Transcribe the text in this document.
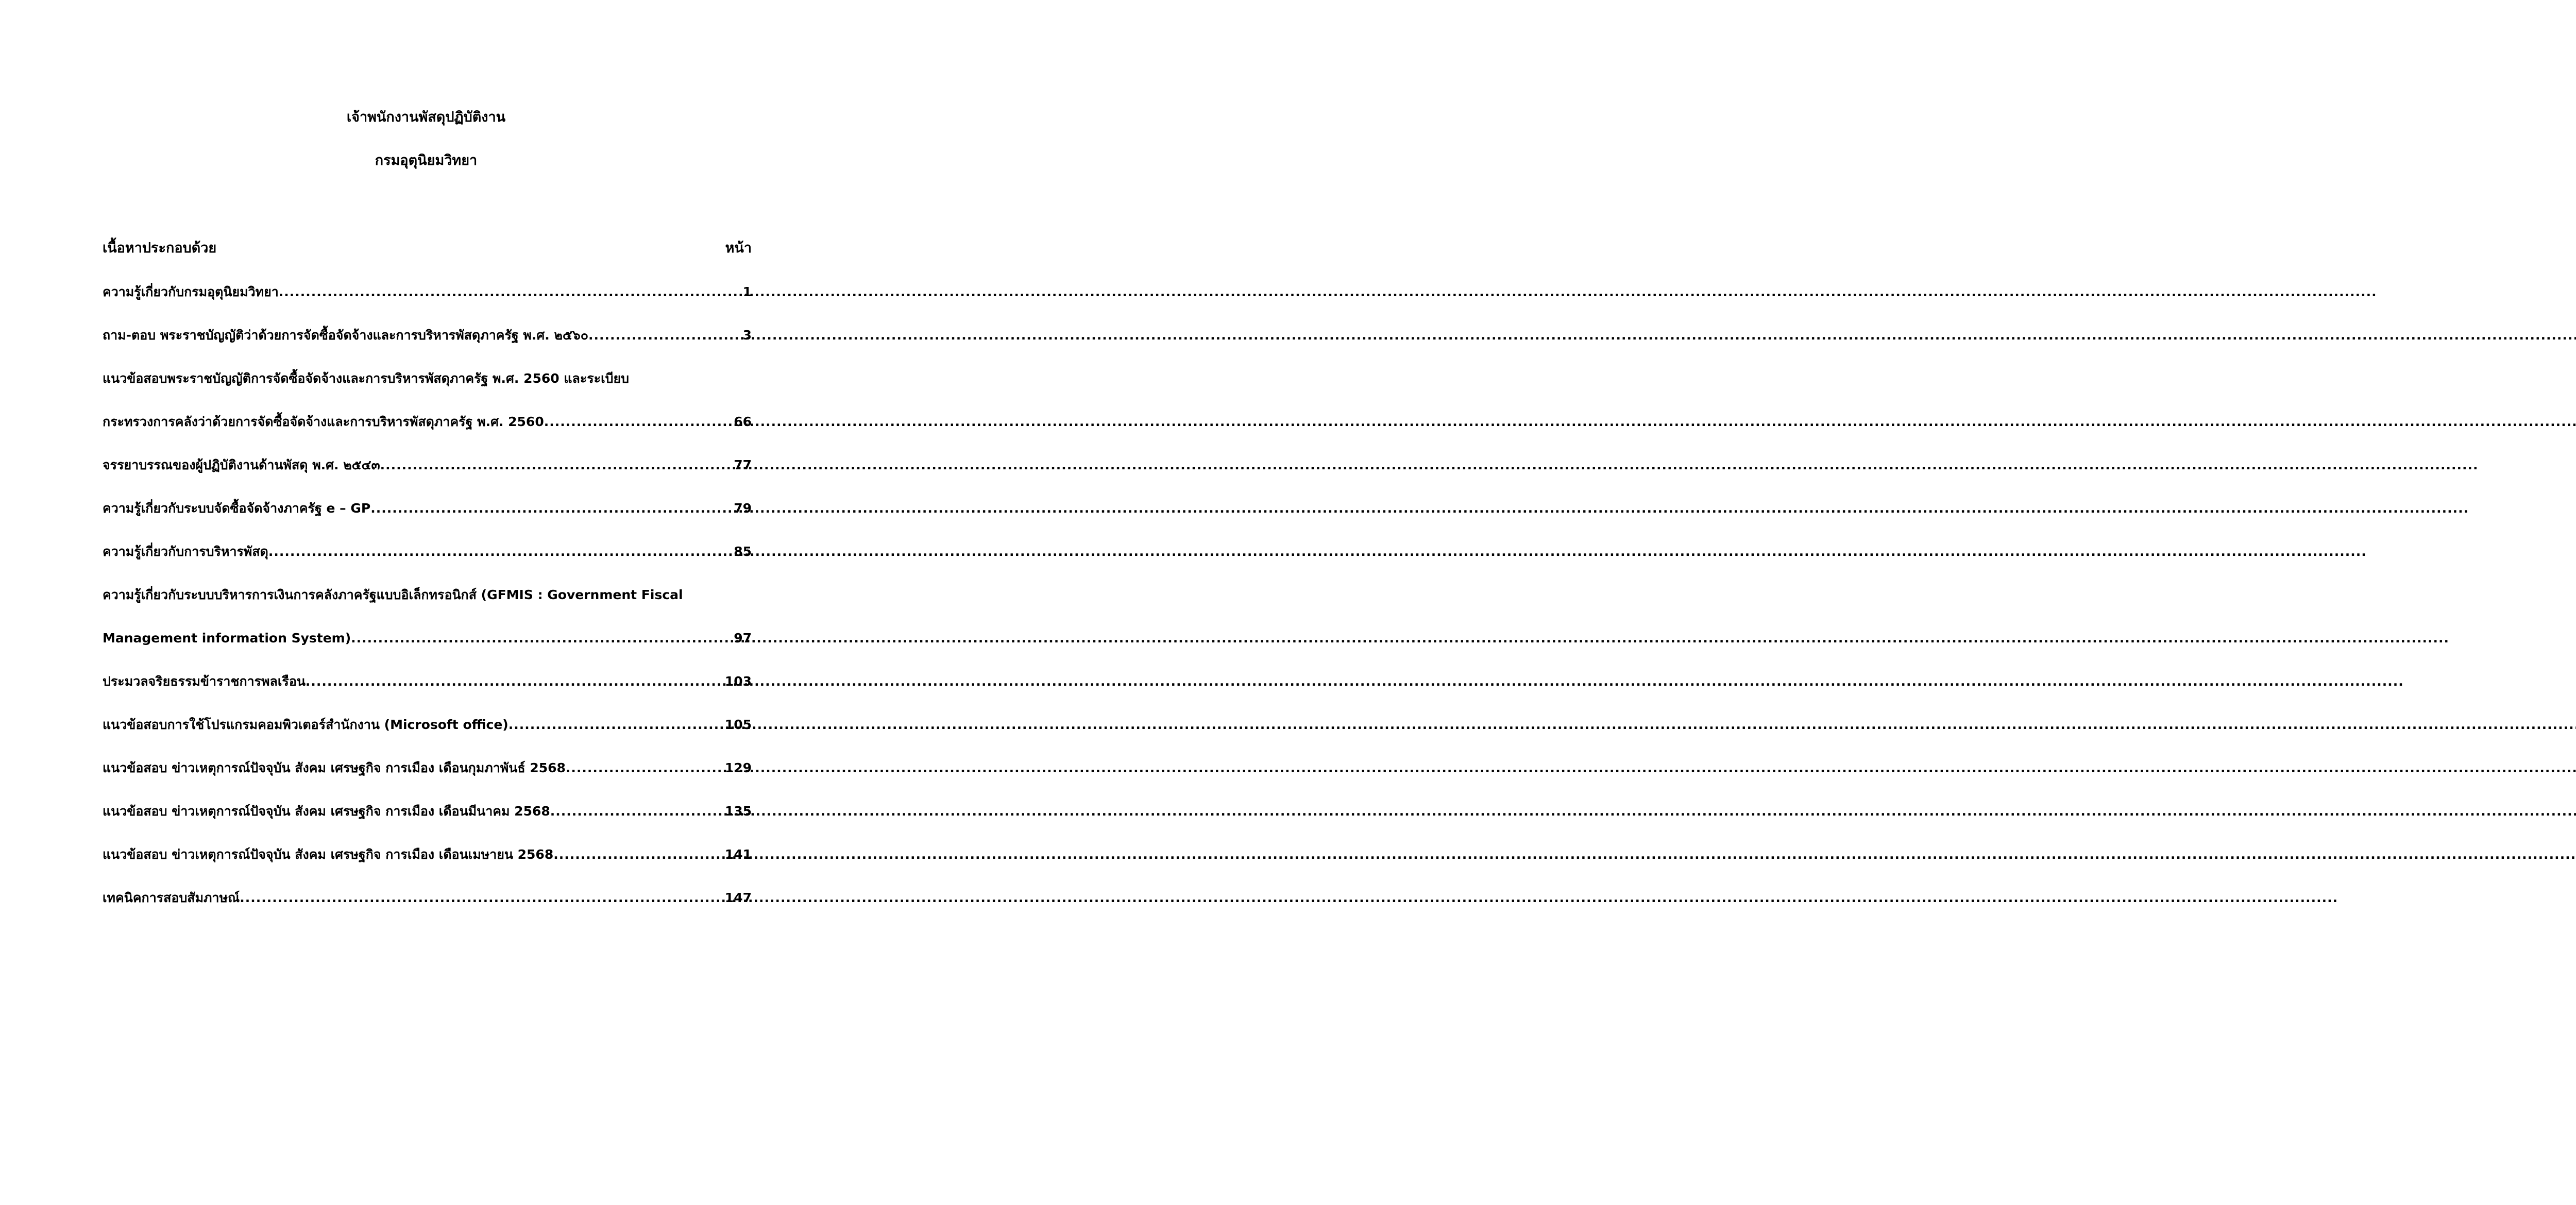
เจ้าพนักงานพัสดุปฏิบัติงาน
กรมอุตุนิยมวิทยา
เนื้อหาประกอบด้วย	หน้า
ความรู้เกี่ยวกับกรมอุตุนิยมวิทยา .....	1
ถาม-ตอบ พระราชบัญญัติว่าด้วยการจัดซื้อจัดจ้างและการบริหารพัสดุภาครัฐ พ.ศ. ๒๕๖๐ .....	3
แนวข้อสอบพระราชบัญญัติการจัดซื้อจัดจ้างและการบริหารพัสดุภาครัฐ พ.ศ. 2560 และระเบียบ
กระทรวงการคลังว่าด้วยการจัดซื้อจัดจ้างและการบริหารพัสดุภาครัฐ พ.ศ. 2560 .....	66
จรรยาบรรณของผู้ปฏิบัติงานด้านพัสดุ พ.ศ. ๒๕๔๓ .....	77
ความรู้เกี่ยวกับระบบจัดซื้อจัดจ้างภาครัฐ e – GP .....	79
ความรู้เกี่ยวกับการบริหารพัสดุ .....	85
ความรู้เกี่ยวกับระบบบริหารการเงินการคลังภาครัฐแบบอิเล็กทรอนิกส์ (GFMIS : Government Fiscal
Management information System) .....	97
ประมวลจริยธรรมข้าราชการพลเรือน .....	103
แนวข้อสอบการใช้โปรแกรมคอมพิวเตอร์สำนักงาน (Microsoft office) .....	105
แนวข้อสอบ ข่าวเหตุการณ์ปัจจุบัน สังคม เศรษฐกิจ การเมือง เดือนกุมภาพันธ์ 2568 .....	129
แนวข้อสอบ ข่าวเหตุการณ์ปัจจุบัน สังคม เศรษฐกิจ การเมือง เดือนมีนาคม 2568 .....	135
แนวข้อสอบ ข่าวเหตุการณ์ปัจจุบัน สังคม เศรษฐกิจ การเมือง เดือนเมษายน 2568 .....	141
เทคนิคการสอบสัมภาษณ์ .....	147
